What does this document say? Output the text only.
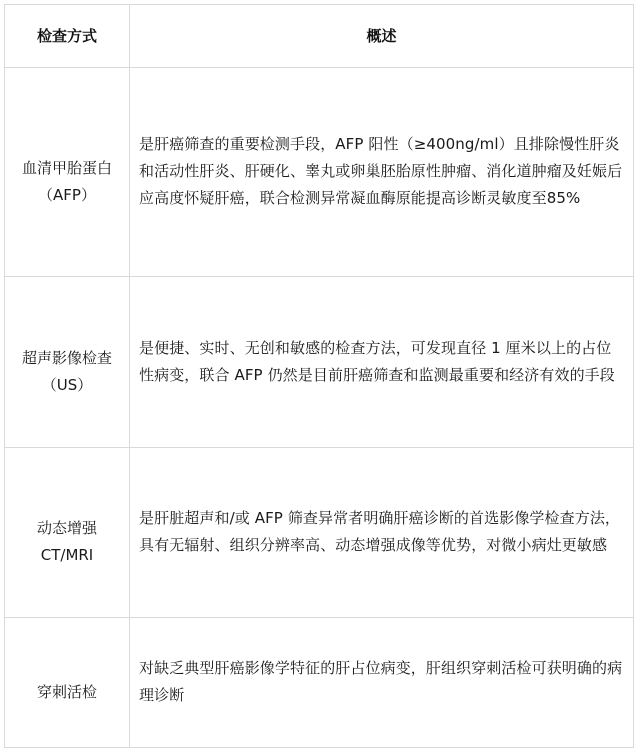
检查方式	概述

血清甲胎蛋白
（AFP）	是肝癌筛查的重要检测手段，AFP 阳性（≥400ng/ml）且排除慢性肝炎和活动性肝炎、肝硬化、睾丸或卵巢胚胎原性肿瘤、消化道肿瘤及妊娠后应高度怀疑肝癌，联合检测异常凝血酶原能提高诊断灵敏度至85%

超声影像检查
（US）	是便捷、实时、无创和敏感的检查方法，可发现直径 1 厘米以上的占位性病变，联合 AFP 仍然是目前肝癌筛查和监测最重要和经济有效的手段

动态增强
CT/MRI	是肝脏超声和/或 AFP 筛查异常者明确肝癌诊断的首选影像学检查方法，具有无辐射、组织分辨率高、动态增强成像等优势，对微小病灶更敏感

穿刺活检	对缺乏典型肝癌影像学特征的肝占位病变，肝组织穿刺活检可获明确的病理诊断
